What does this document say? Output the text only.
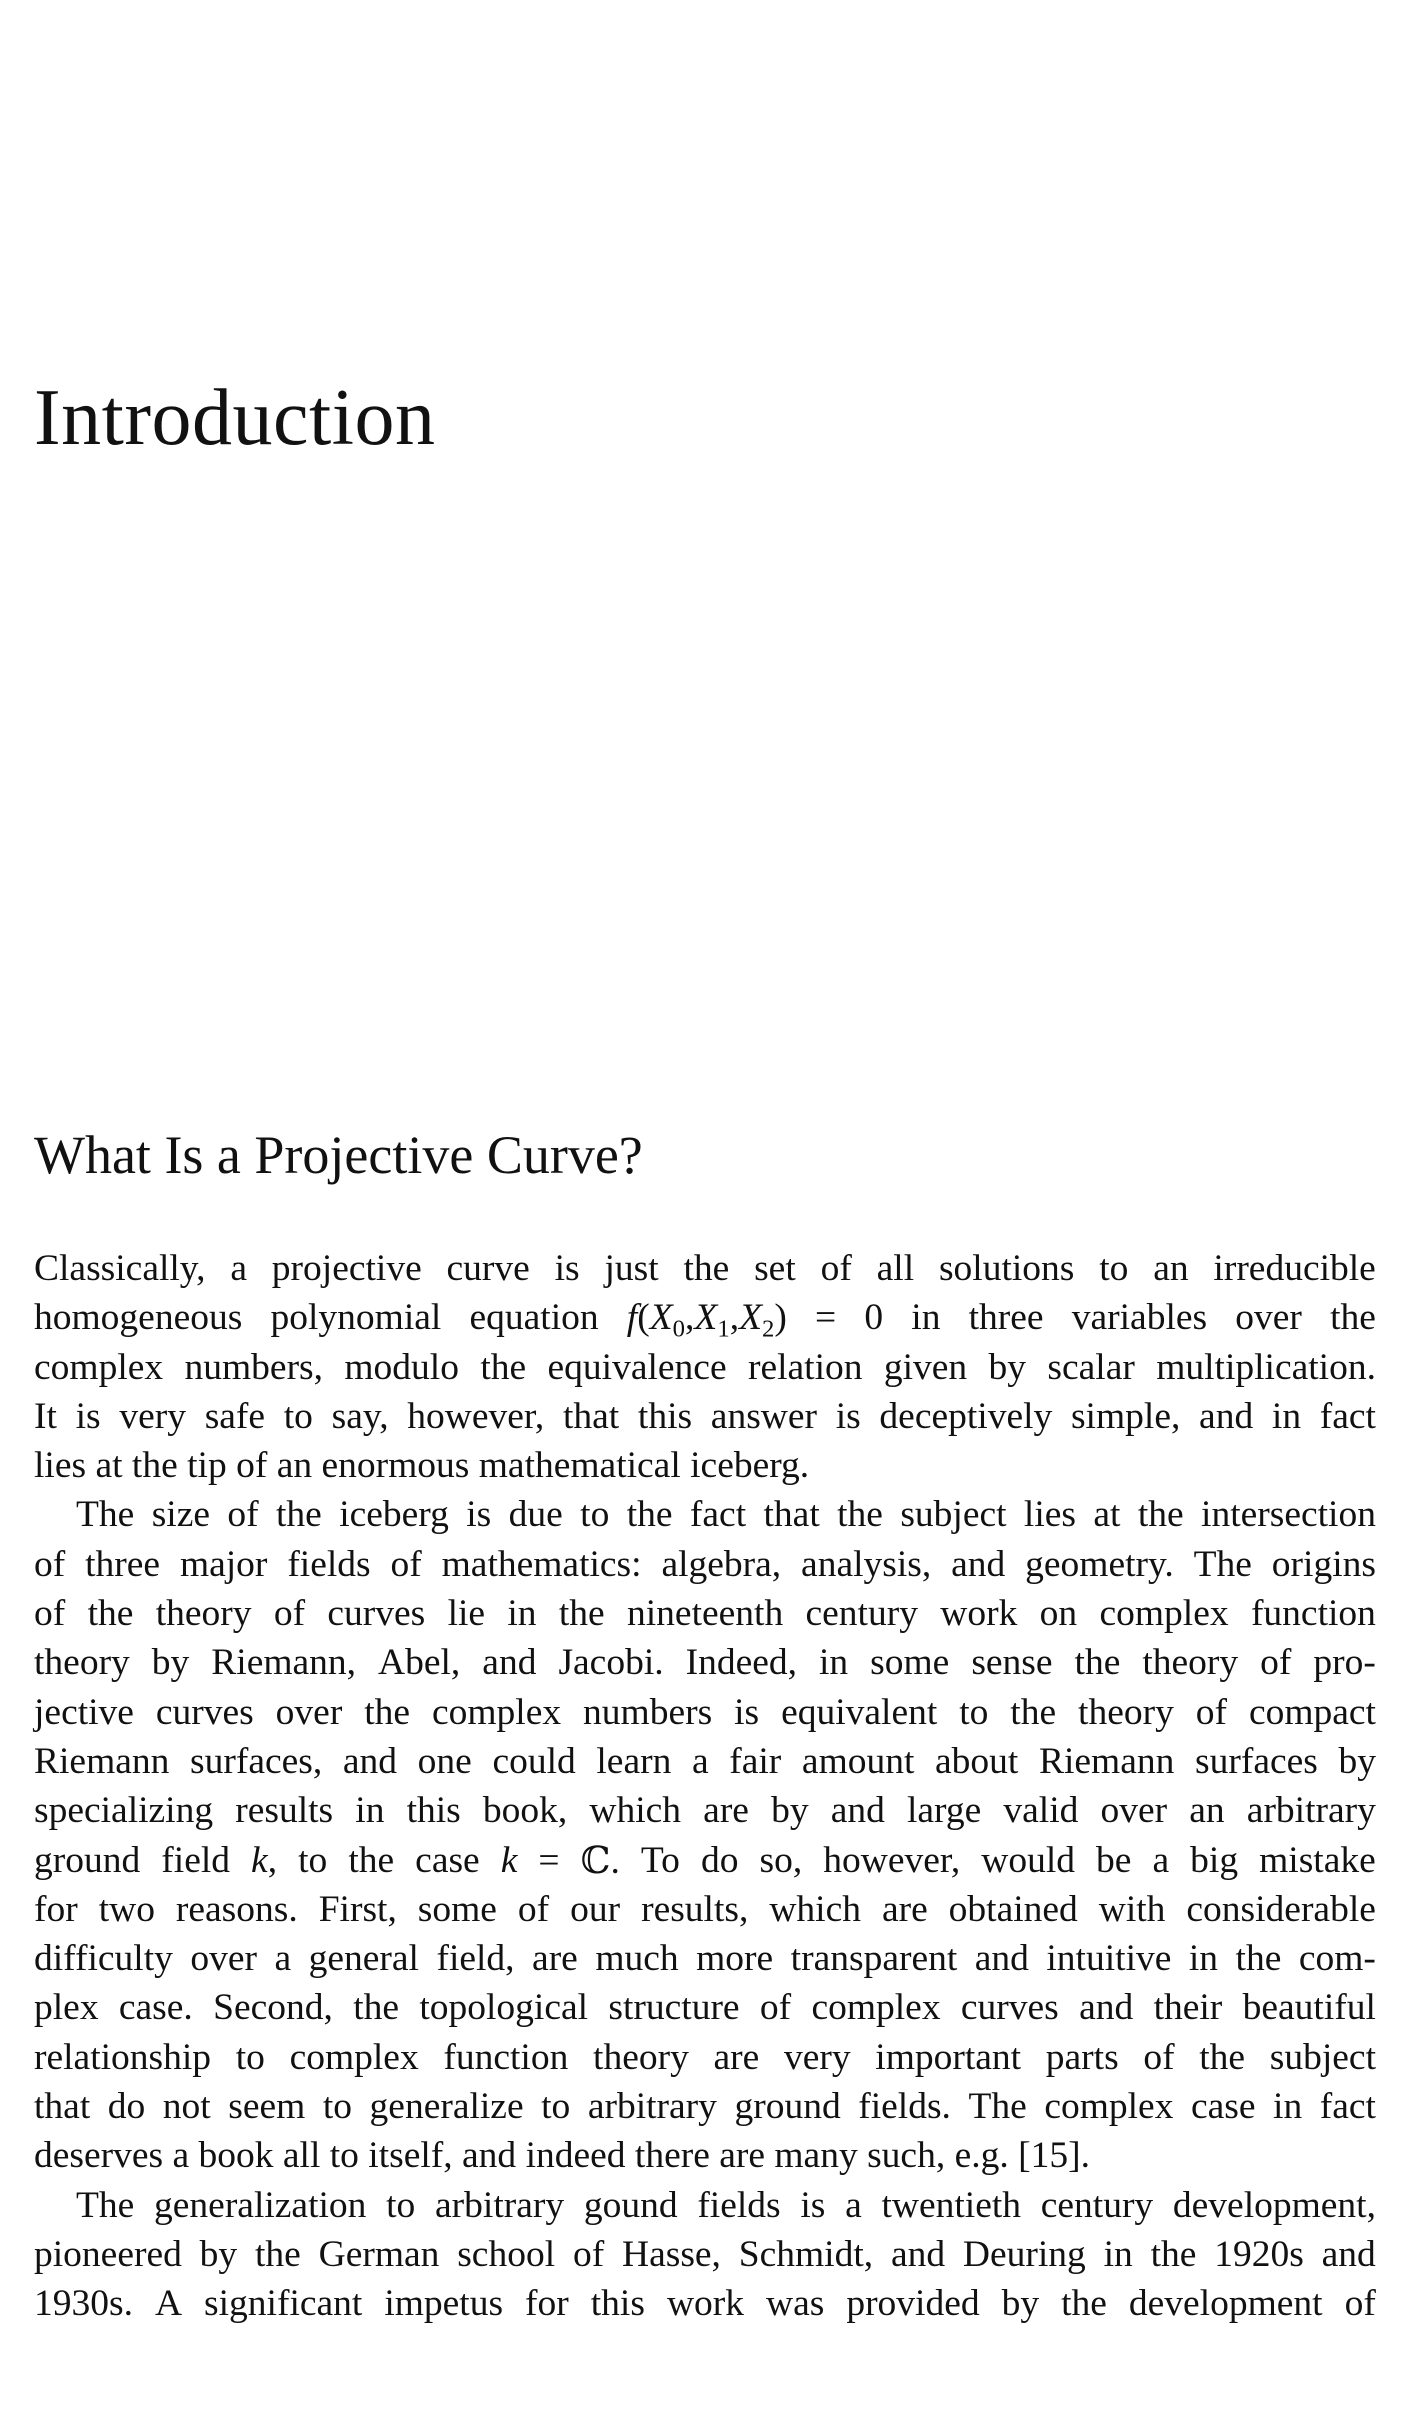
Introduction
What Is a Projective Curve?
Classically, a projective curve is just the set of all solutions to an irreducible
homogeneous polynomial equation $f(X_0,X_1,X_2) = 0$ in three variables over the
complex numbers, modulo the equivalence relation given by scalar multiplication.
It is very safe to say, however, that this answer is deceptively simple, and in fact
lies at the tip of an enormous mathematical iceberg.
The size of the iceberg is due to the fact that the subject lies at the intersection
of three major fields of mathematics: algebra, analysis, and geometry. The origins
of the theory of curves lie in the nineteenth century work on complex function
theory by Riemann, Abel, and Jacobi. Indeed, in some sense the theory of pro-
jective curves over the complex numbers is equivalent to the theory of compact
Riemann surfaces, and one could learn a fair amount about Riemann surfaces by
specializing results in this book, which are by and large valid over an arbitrary
ground field k, to the case k = ℂ. To do so, however, would be a big mistake
for two reasons. First, some of our results, which are obtained with considerable
difficulty over a general field, are much more transparent and intuitive in the com-
plex case. Second, the topological structure of complex curves and their beautiful
relationship to complex function theory are very important parts of the subject
that do not seem to generalize to arbitrary ground fields. The complex case in fact
deserves a book all to itself, and indeed there are many such, e.g. [15].
The generalization to arbitrary gound fields is a twentieth century development,
pioneered by the German school of Hasse, Schmidt, and Deuring in the 1920s and
1930s. A significant impetus for this work was provided by the development of
